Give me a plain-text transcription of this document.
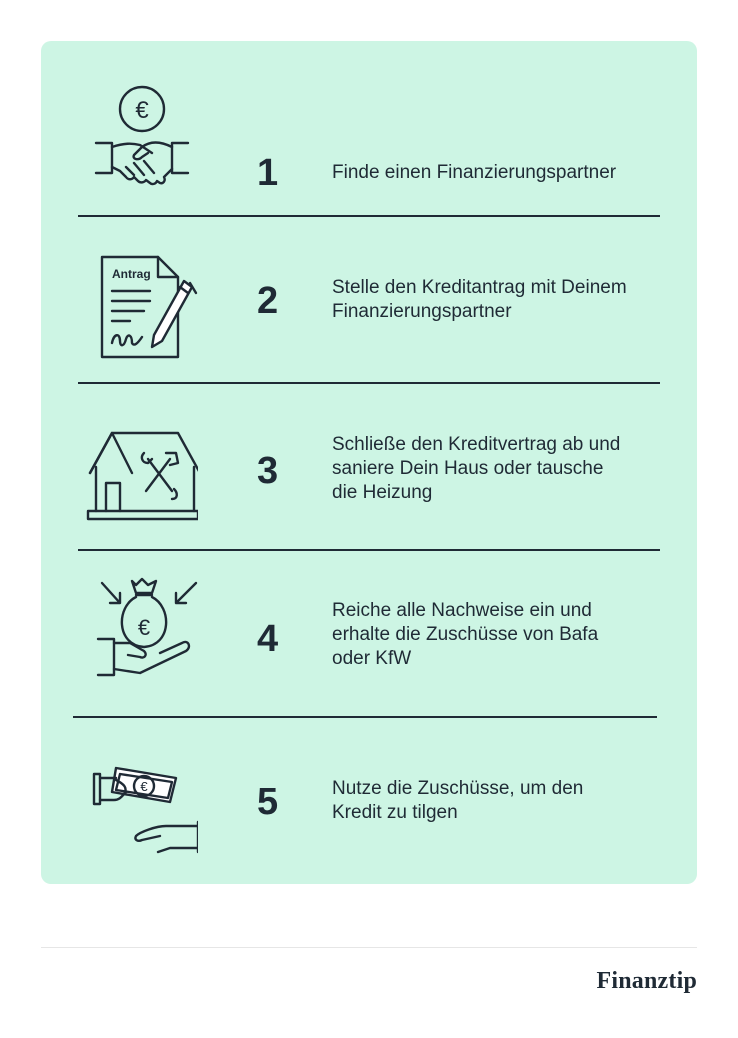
€
1	Finde einen Finanzierungspartner
Antrag
2	Stelle den Kreditantrag mit Deinem
Finanzierungspartner
3
Schließe den Kreditvertrag ab und
saniere Dein Haus oder tausche
die Heizung
€	4
Reiche alle Nachweise ein und
erhalte die Zuschüsse von Bafa
oder KfW
€	5	Nutze die Zuschüsse, um den
Kredit zu tilgen
Finanztip
